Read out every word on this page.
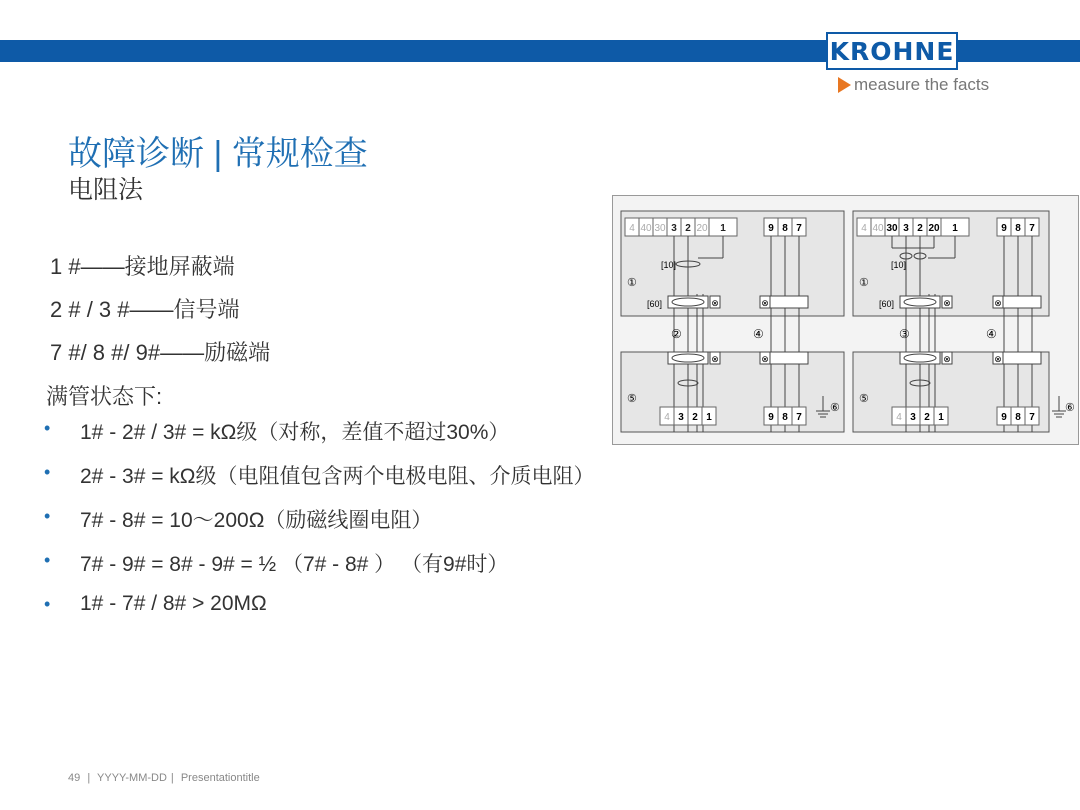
KROHNE
measure the facts
故障诊断 | 常规检查
电阻法
1 #——接地屏蔽端
2 # / 3 #——信号端
7 #/ 8 #/ 9#——励磁端
满管状态下:
•	1# - 2# / 3# = kΩ级（对称，差值不超过30%）
•	2# - 3# = kΩ级（电阻值包含两个电极电阻、介质电阻）
•	7# - 8# = 10～200Ω（励磁线圈电阻）
•	7# - 9# = 8# - 9# = ½ （7# - 8# ） （有9#时）
•	1# - 7# / 8# > 20MΩ
4 40 30 3 2 20 1	9 8 7
[10]
①
⊗
[60]	⊗
②	④
⊗	⊗
⑤
4 3 2 1	9 8 7
⑥
4 40 30 3 2 20 1	9 8 7
[10]
①
⊗
[60]	⊗
③	④
⊗	⊗
⑤
4 3 2 1	9 8 7
⑥
49 | YYYY-MM-DD | Presentationtitle
